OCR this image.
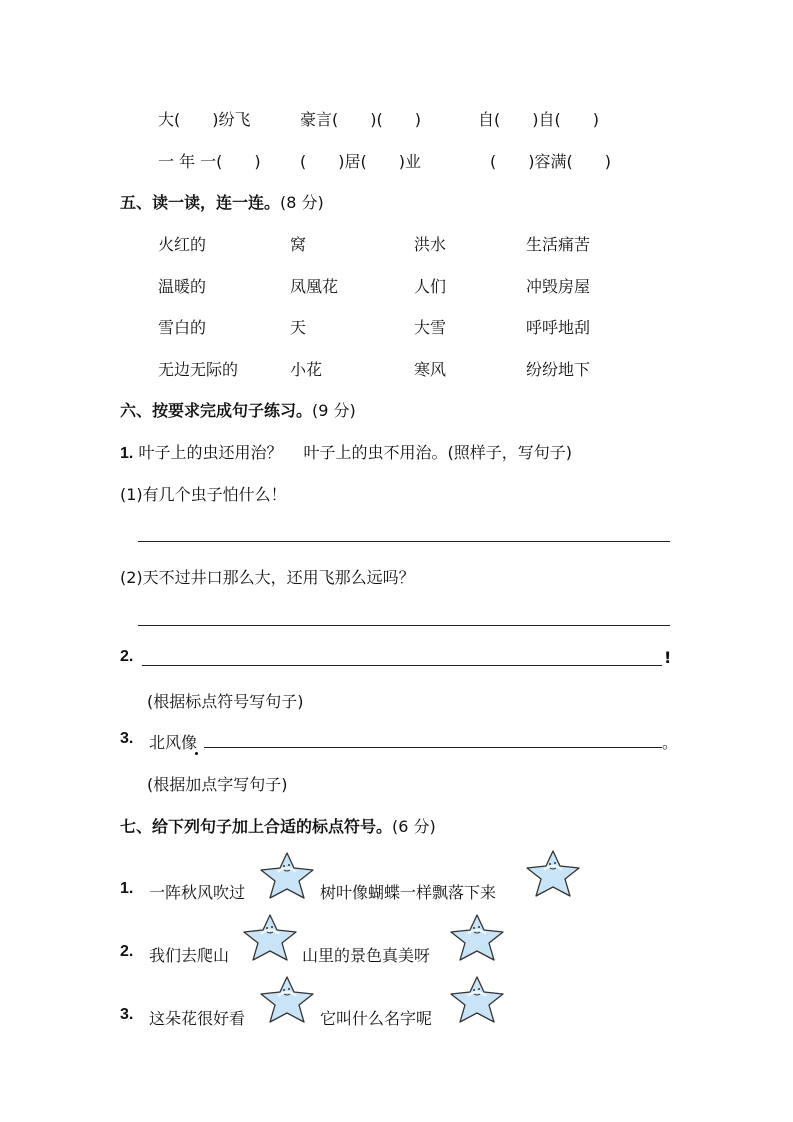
大(　　)纷飞	豪言(　　)(　　)	自(　　)自(　　)
一 年 一(　　) (　　)居(　　)业	(　　)容满(　　)
五、读一读，连一连。(8 分)
火红的	窝	洪水	生活痛苦
温暖的	凤凰花	人们	冲毁房屋
雪白的	天	大雪	呼呼地刮
无边无际的	小花	寒风	纷纷地下
六、按要求完成句子练习。(9 分)
1. 叶子上的虫还用治？　 叶子上的虫不用治。(照样子，写句子)
(1)有几个虫子怕什么！
(2)天不过井口那么大，还用飞那么远吗？
2.	!
(根据标点符号写句子)
3. 北风像	。
(根据加点字写句子)
七、给下列句子加上合适的标点符号。(6 分)
1. 一阵秋风吹过	树叶像蝴蝶一样飘落下来
2. 我们去爬山	山里的景色真美呀
3. 这朵花很好看	它叫什么名字呢
